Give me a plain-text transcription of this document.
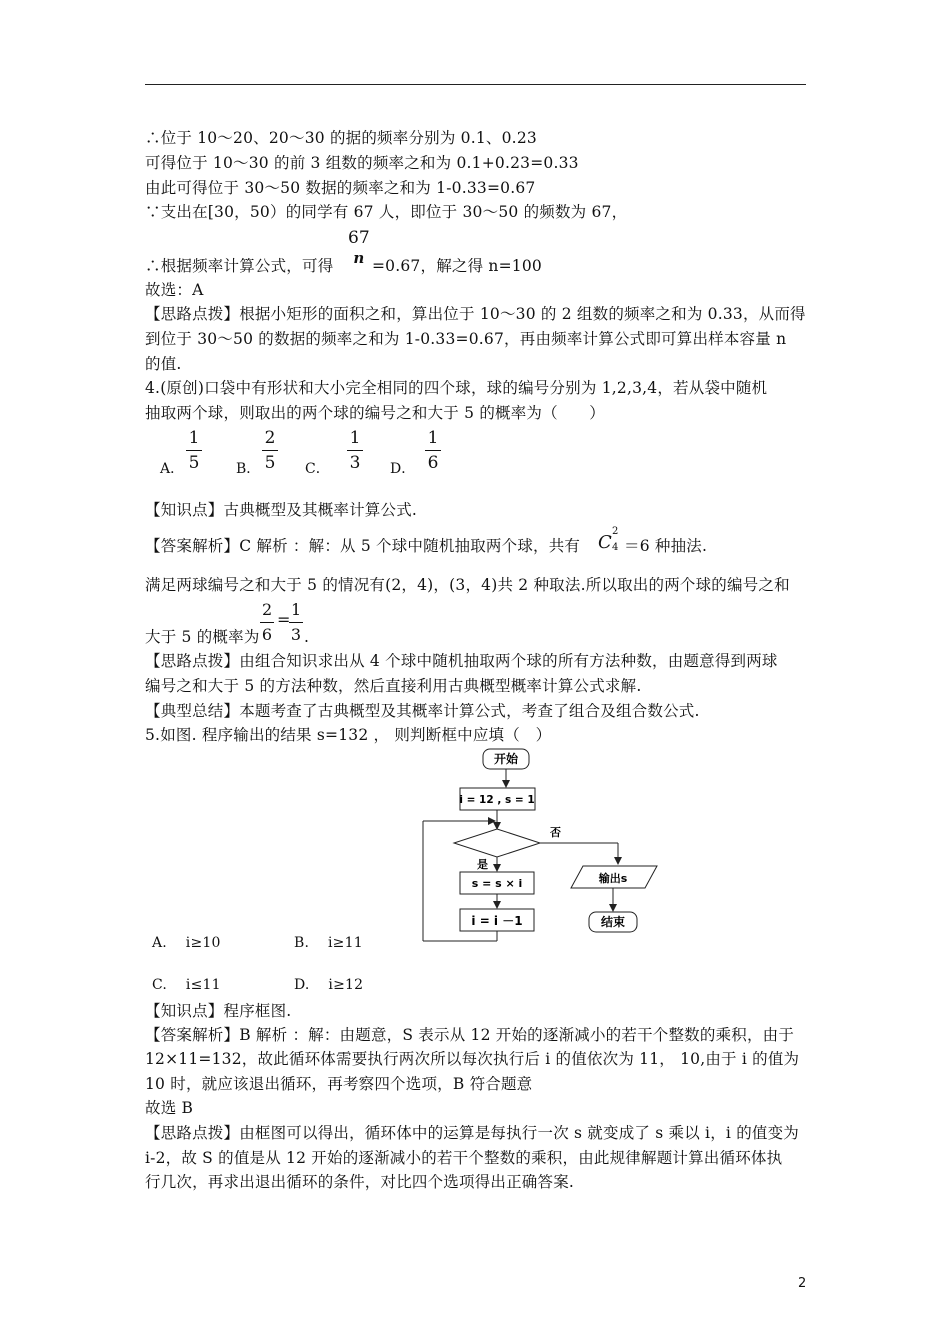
∴位于 10～20、20～30 的据的频率分别为 0.1、0.23
可得位于 10～30 的前 3 组数的频率之和为 0.1+0.23=0.33
由此可得位于 30～50 数据的频率之和为 1-0.33=0.67
∵支出在[30，50）的同学有 67 人，即位于 30～50 的频数为 67，
∴根据频率计算公式，可得
67
n =0.67，解之得 n=100
故选：A
【思路点拨】根据小矩形的面积之和，算出位于 10～30 的 2 组数的频率之和为 0.33，从而得
到位于 30～50 的数据的频率之和为 1-0.33=0.67，再由频率计算公式即可算出样本容量 n
的值.
4.(原创)口袋中有形状和大小完全相同的四个球，球的编号分别为 1,2,3,4，若从袋中随机
抽取两个球，则取出的两个球的编号之和大于 5 的概率为（　　）
A．
1
5	B．
2
5 C．
1
3 D．
1
6
【知识点】古典概型及其概率计算公式.
【答案解析】C 解析 ：解：从 5 个球中随机抽取两个球，共有 C 4
2
＝6 种抽法.
满足两球编号之和大于 5 的情况有(2，4)，(3，4)共 2 种取法.所以取出的两个球的编号之和
大于 5 的概率为
2
6
=
1
3 .
【思路点拨】由组合知识求出从 4 个球中随机抽取两个球的所有方法种数，由题意得到两球
编号之和大于 5 的方法种数，然后直接利用古典概型概率计算公式求解.
【典型总结】本题考查了古典概型及其概率计算公式，考查了组合及组合数公式.
5.如图. 程序输出的结果 s=132 ， 则判断框中应填（　）
开始
i = 12 , s = 1
否
是
s = s × i
i = i －1
输出s
结束
A.　 i≥10	B.　 i≥11
C.　 i≤11	D.　 i≥12
【知识点】程序框图.
【答案解析】B 解析 ：解：由题意，S 表示从 12 开始的逐渐减小的若干个整数的乘积，由于
12×11=132，故此循环体需要执行两次所以每次执行后 i 的值依次为 11， 10,由于 i 的值为
10 时，就应该退出循环，再考察四个选项，B 符合题意
故选 B
【思路点拨】由框图可以得出，循环体中的运算是每执行一次 s 就变成了 s 乘以 i，i 的值变为
i-2，故 S 的值是从 12 开始的逐渐减小的若干个整数的乘积，由此规律解题计算出循环体执
行几次，再求出退出循环的条件，对比四个选项得出正确答案.
2
